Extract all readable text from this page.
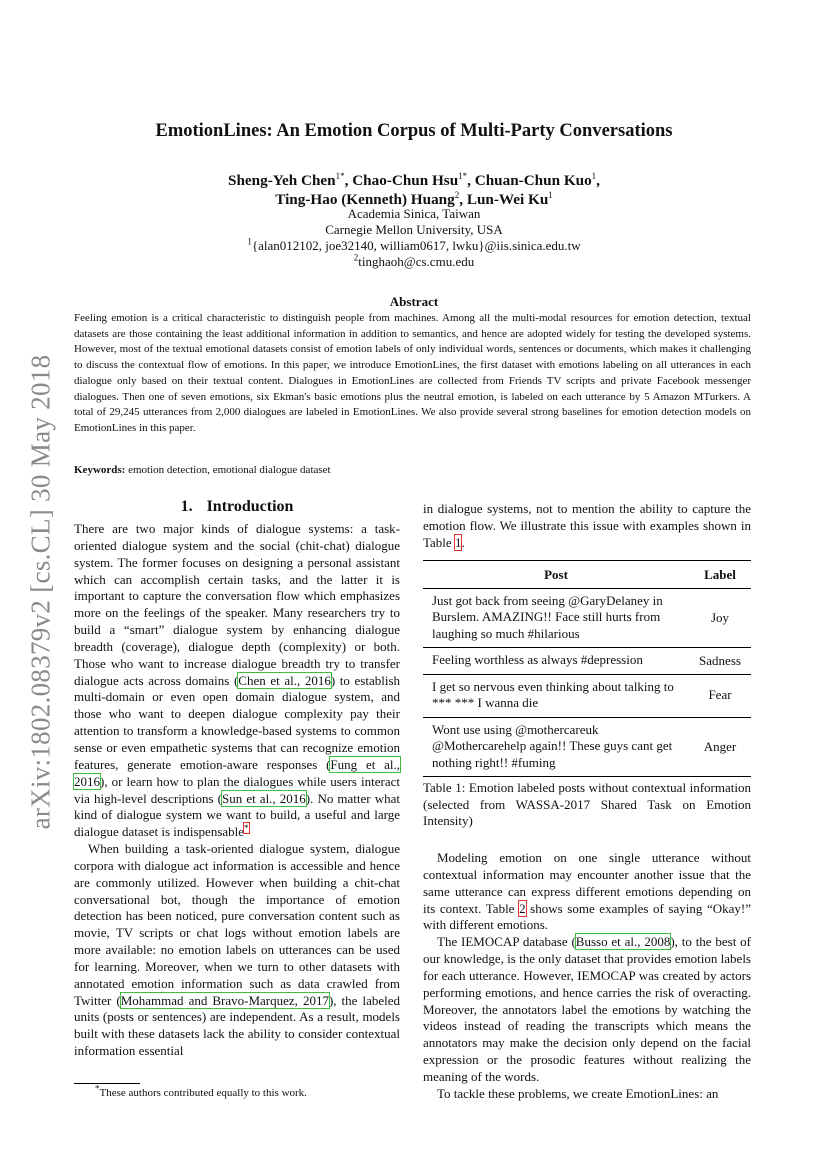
arXiv:1802.08379v2 [cs.CL] 30 May 2018
EmotionLines: An Emotion Corpus of Multi-Party Conversations
Sheng-Yeh Chen$^{1*}$, Chao-Chun Hsu$^{1*}$, Chuan-Chun Kuo$^1$,
Ting-Hao (Kenneth) Huang$^2$, Lun-Wei Ku$^1$
Academia Sinica, Taiwan
Carnegie Mellon University, USA
$^1${alan012102, joe32140, william0617, lwku}@iis.sinica.edu.tw
$^2$tinghaoh@cs.cmu.edu
Abstract
Feeling emotion is a critical characteristic to distinguish people from machines. Among all the multi-modal resources for emotion detection, textual datasets are those containing the least additional information in addition to semantics, and hence are adopted widely for testing the developed systems. However, most of the textual emotional datasets consist of emotion labels of only individual words, sentences or documents, which makes it challenging to discuss the contextual flow of emotions. In this paper, we introduce EmotionLines, the first dataset with emotions labeling on all utterances in each dialogue only based on their textual content. Dialogues in EmotionLines are collected from Friends TV scripts and private Facebook messenger dialogues. Then one of seven emotions, six Ekman's basic emotions plus the neutral emotion, is labeled on each utterance by 5 Amazon MTurkers. A total of 29,245 utterances from 2,000 dialogues are labeled in EmotionLines. We also provide several strong baselines for emotion detection models on EmotionLines in this paper.
Keywords: emotion detection, emotional dialogue dataset
1. Introduction

There are two major kinds of dialogue systems: a task-oriented dialogue system and the social (chit-chat) dialogue system. The former focuses on designing a personal assistant which can accomplish certain tasks, and the latter it is important to capture the conversation flow which emphasizes more on the feelings of the speaker. Many researchers try to build a “smart” dialogue system by enhancing dialogue breadth (coverage), dialogue depth (complexity) or both. Those who want to increase dialogue breadth try to transfer dialogue acts across domains (Chen et al., 2016) to establish multi-domain or even open domain dialogue system, and those who want to deepen dialogue complexity pay their attention to transform a knowledge-based systems to common sense or even empathetic systems that can recognize emotion features, generate emotion-aware responses (Fung et al., 2016), or learn how to plan the dialogues while users interact via high-level descriptions (Sun et al., 2016). No matter what kind of dialogue system we want to build, a useful and large dialogue dataset is indispensable*

When building a task-oriented dialogue system, dialogue corpora with dialogue act information is accessible and hence are commonly utilized. However when building a chit-chat conversational bot, though the importance of emotion detection has been noticed, pure conversation content such as movie, TV scripts or chat logs without emotion labels are more available: no emotion labels on utterances can be used for learning. Moreover, when we turn to other datasets with annotated emotion information such as data crawled from Twitter (Mohammad and Bravo-Marquez, 2017), the labeled units (posts or sentences) are independent. As a result, models built with these datasets lack the ability to consider contextual information essential

in dialogue systems, not to mention the ability to capture the emotion flow. We illustrate this issue with examples shown in Table 1.

Post	Label
Just got back from seeing @GaryDelaney in Burslem. AMAZING!! Face still hurts from laughing so much #hilarious	Joy
Feeling worthless as always #depression	Sadness
I get so nervous even thinking about talking to *** *** I wanna die	Fear
Wont use using @mothercareuk @Mothercarehelp again!! These guys cant get nothing right!! #fuming	Anger
Table 1: Emotion labeled posts without contextual information (selected from WASSA-2017 Shared Task on Emotion Intensity)

Modeling emotion on one single utterance without contextual information may encounter another issue that the same utterance can express different emotions depending on its context. Table 2 shows some examples of saying “Okay!” with different emotions.

The IEMOCAP database (Busso et al., 2008), to the best of our knowledge, is the only dataset that provides emotion labels for each utterance. However, IEMOCAP was created by actors performing emotions, and hence carries the risk of overacting. Moreover, the annotators label the emotions by watching the videos instead of reading the transcripts which means the annotators may make the decision only depend on the facial expression or the prosodic features without realizing the meaning of the words.

To tackle these problems, we create EmotionLines: an

*These authors contributed equally to this work.
